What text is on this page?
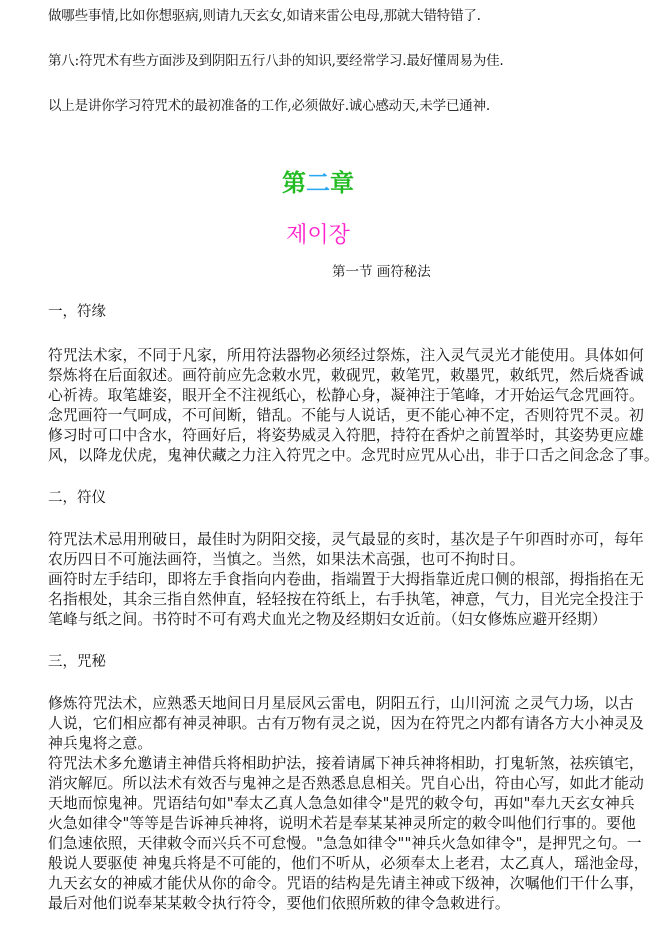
做哪些事情,比如你想驱病,则请九天玄女,如请来雷公电母,那就大错特错了.

第八:符咒术有些方面涉及到阴阳五行八卦的知识,要经常学习.最好懂周易为佳.

以上是讲你学习符咒术的最初准备的工作,必须做好.诚心感动天,未学已通神.

第二章
제이장

第一节 画符秘法

一，符缘

符咒法术家，不同于凡家，所用符法器物必须经过祭炼，注入灵气灵光才能使用。具体如何
祭炼将在后面叙述。画符前应先念敕水咒，敕砚咒，敕笔咒，敕墨咒，敕纸咒，然后烧香诚
心祈祷。取笔雄姿，眼开全不注视纸心，松静心身，凝神注于笔峰，才开始运气念咒画符。
念咒画符一气呵成，不可间断，错乱。不能与人说话，更不能心神不定，否则符咒不灵。初
修习时可口中含水，符画好后，将姿势威灵入符肥，持符在香炉之前置举时，其姿势更应雄
风，以降龙伏虎，鬼神伏藏之力注入符咒之中。念咒时应咒从心出，非于口舌之间念念了事。

二，符仪

符咒法术忌用刑破日，最佳时为阴阳交接，灵气最显的亥时，基次是子午卯酉时亦可，每年
农历四日不可施法画符，当慎之。当然，如果法术高强，也可不拘时日。
画符时左手结印，即将左手食指向内卷曲，指端置于大拇指靠近虎口侧的根部，拇指掐在无
名指根处，其余三指自然伸直，轻轻按在符纸上，右手执笔，神意，气力，目光完全投注于
笔峰与纸之间。书符时不可有鸡犬血光之物及经期妇女近前。（妇女修炼应避开经期）

三，咒秘

修炼符咒法术，应熟悉天地间日月星辰风云雷电，阴阳五行，山川河流 之灵气力场，以古
人说，它们相应都有神灵神职。古有万物有灵之说，因为在符咒之内都有请各方大小神灵及
神兵鬼将之意。
符咒法术多允邀请主神借兵将相助护法，接着请属下神兵神将相助，打鬼斩煞，祛疾镇宅，
消灾解厄。所以法术有效否与鬼神之是否熟悉息息相关。咒自心出，符由心写，如此才能动
天地而惊鬼神。咒语结句如"奉太乙真人急急如律令"是咒的敕令句，再如"奉九天玄女神兵
火急如律令"等等是告诉神兵神将，说明术若是奉某某神灵所定的敕令叫他们行事的。要他
们急速依照，天律敕令而兴兵不可怠慢。"急急如律令""神兵火急如律令"，是押咒之句。一
般说人要驱使 神鬼兵将是不可能的，他们不听从，必须奉太上老君，太乙真人，瑶池金母，
九天玄女的神威才能伏从你的命令。咒语的结构是先请主神或下级神，次嘱他们干什么事，
最后对他们说奉某某敕令执行符令，要他们依照所敕的律令急敕进行。
